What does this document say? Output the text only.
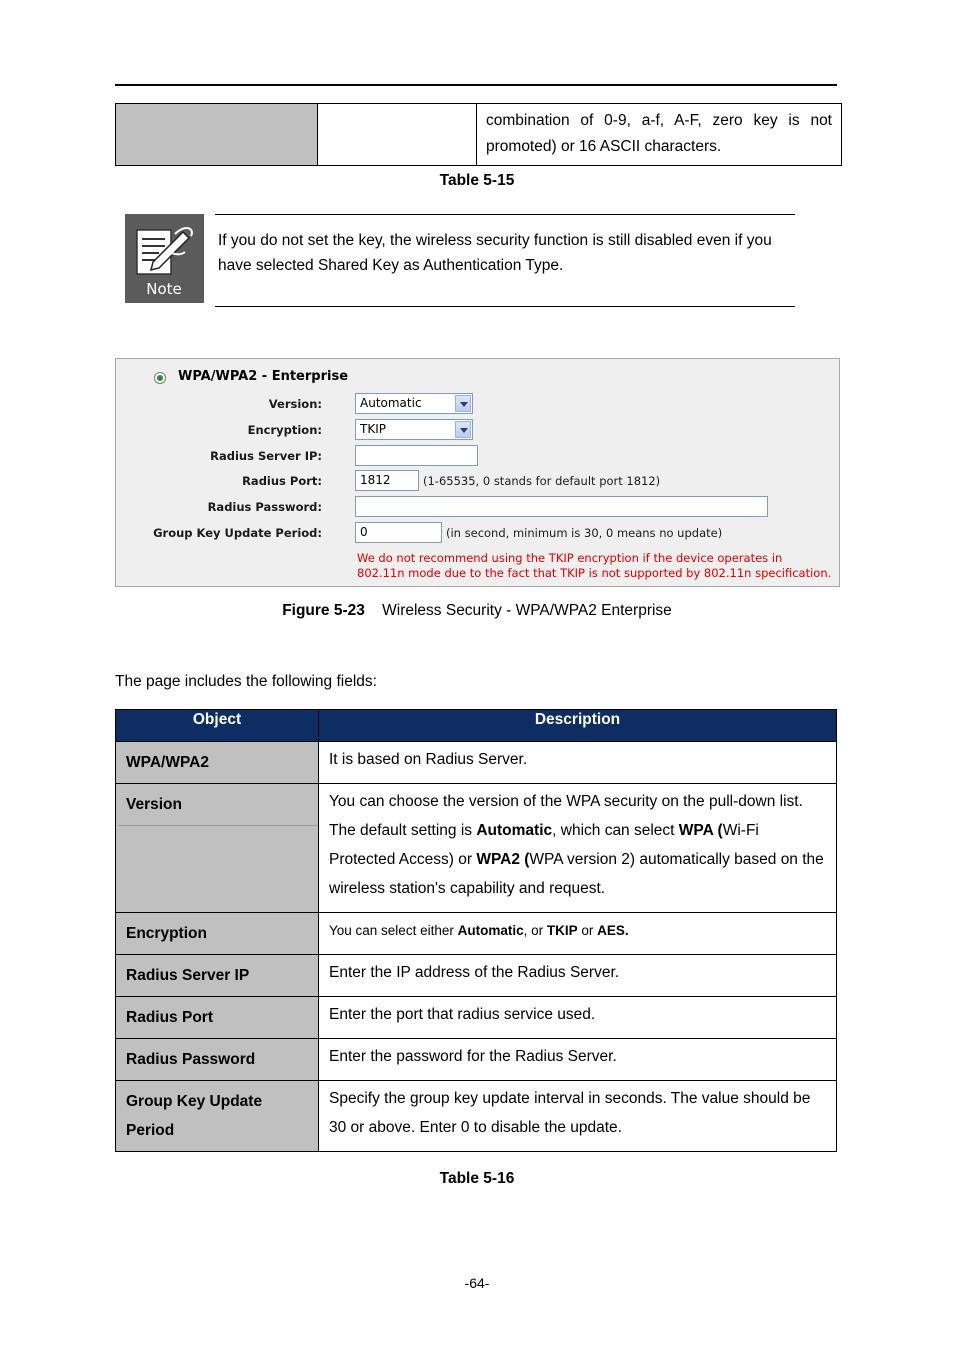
		combination of 0-9, a-f, A-F, zero key is not promoted) or 16 ASCII characters.
Table 5-15
Note
If you do not set the key, the wireless security function is still disabled even if you have selected Shared Key as Authentication Type.
WPA/WPA2 - Enterprise
Version:	Automatic
Encryption:	TKIP
Radius Server IP:
Radius Port:	1812	(1-65535, 0 stands for default port 1812)
Radius Password:
Group Key Update Period:	0	(in second, minimum is 30, 0 means no update)
We do not recommend using the TKIP encryption if the device operates in
802.11n mode due to the fact that TKIP is not supported by 802.11n specification.
Figure 5-23 Wireless Security - WPA/WPA2 Enterprise
The page includes the following fields:
Object	Description
WPA/WPA2	It is based on Radius Server.
Version	You can choose the version of the WPA security on the pull-down list. The default setting is Automatic, which can select WPA (Wi-Fi Protected Access) or WPA2 (WPA version 2) automatically based on the wireless station's capability and request.
Encryption	You can select either Automatic, or TKIP or AES.
Radius Server IP	Enter the IP address of the Radius Server.
Radius Port	Enter the port that radius service used.
Radius Password	Enter the password for the Radius Server.
Group Key Update Period	Specify the group key update interval in seconds. The value should be 30 or above. Enter 0 to disable the update.
Table 5-16
-64-
